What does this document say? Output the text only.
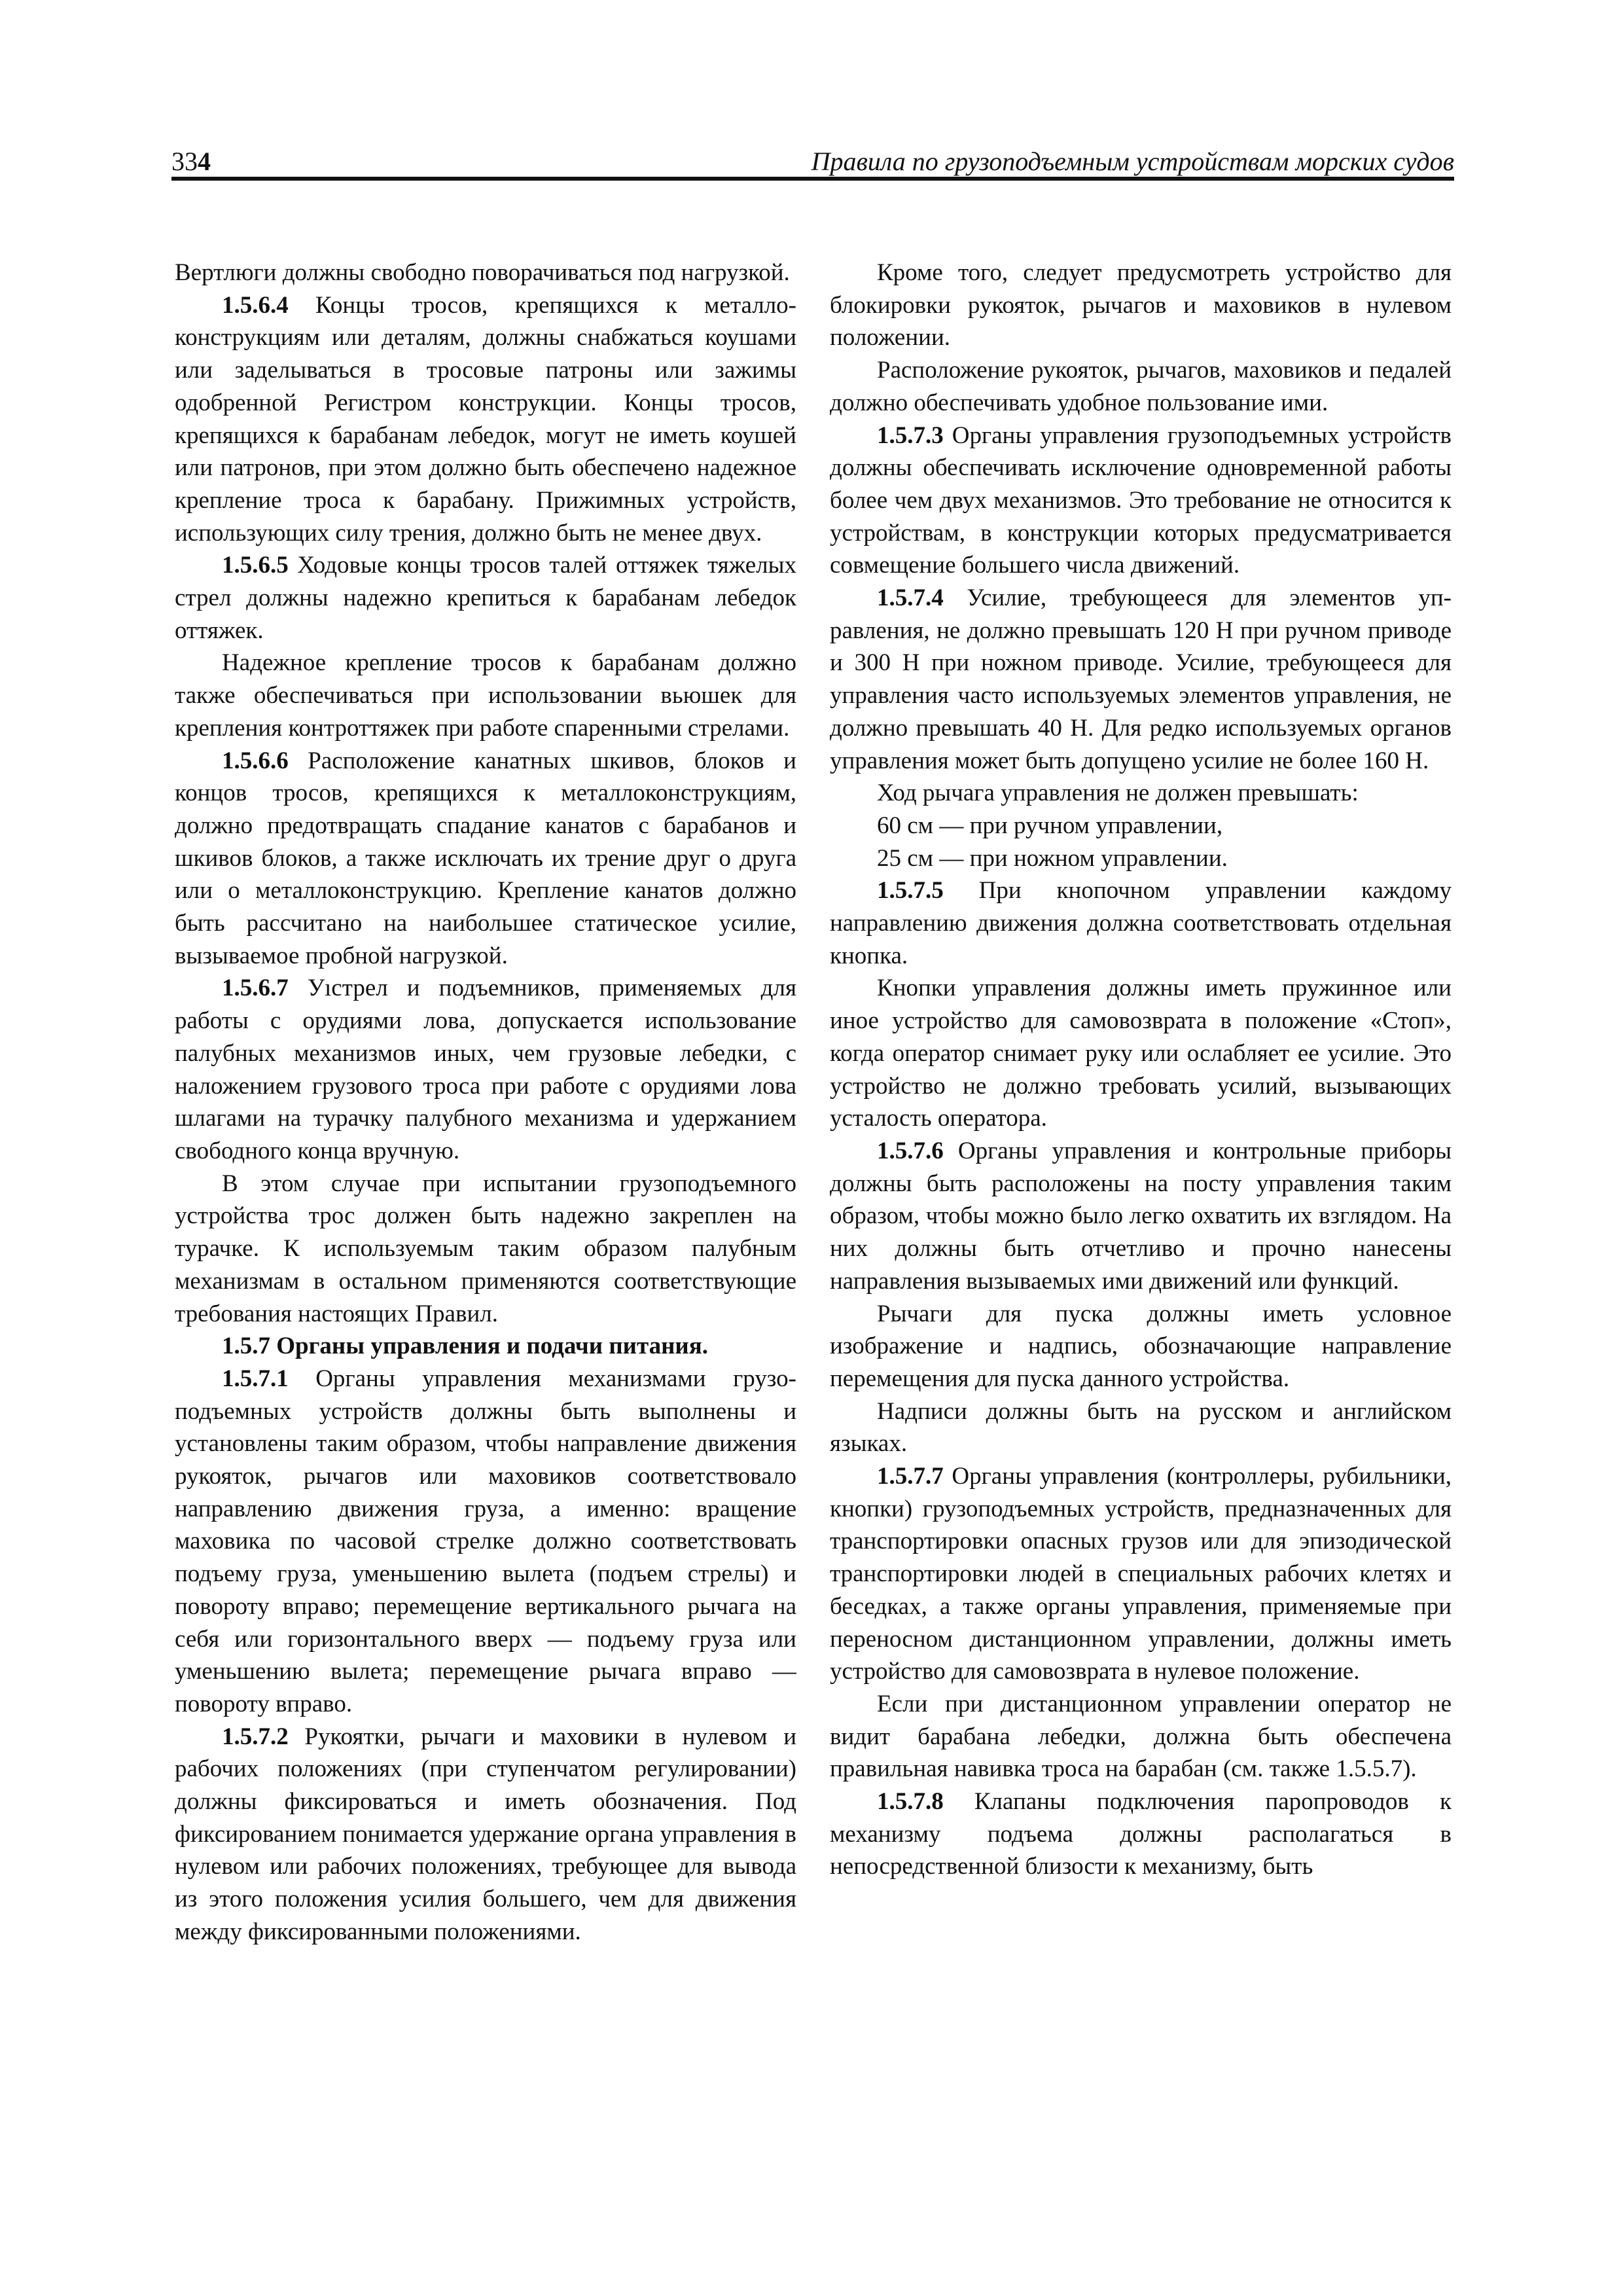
334	Правила по грузоподъемным устройствам морских судов

Вертлюги должны свободно поворачиваться под нагрузкой.

1.5.6.4 Концы тросов, крепящихся к металлоконструкциям или деталям, должны снабжаться коушами или заделываться в тросовые патроны или зажимы одобренной Регистром конструкции. Концы тросов, крепящихся к барабанам лебедок, могут не иметь коушей или патронов, при этом должно быть обеспечено надежное крепление троса к барабану. Прижимных устройств, использующих силу трения, должно быть не менее двух.

1.5.6.5 Ходовые концы тросов талей оттяжек тяжелых стрел должны надежно крепиться к барабанам лебедок оттяжек.

Надежное крепление тросов к барабанам должно также обеспечиваться при использовании вьюшек для крепления контроттяжек при работе спаренными стрелами.

1.5.6.6 Расположение канатных шкивов, блоков и концов тросов, крепящихся к металлоконструкциям, должно предотвращать спадание канатов с барабанов и шкивов блоков, а также исключать их трение друг о друга или о металлоконструкцию. Крепление канатов должно быть рассчитано на наибольшее статическое усилие, вызываемое пробной нагрузкой.

1.5.6.7 Уıстрел и подъемников, применяемых для работы с орудиями лова, допускается использование палубных механизмов иных, чем грузовые лебедки, с наложением грузового троса при работе с орудиями лова шлагами на турачку палубного механизма и удержанием свободного конца вручную.

В этом случае при испытании грузоподъемного устройства трос должен быть надежно закреплен на турачке. К используемым таким образом палубным механизмам в остальном применяются соответствующие требования настоящих Правил.

1.5.7 Органы управления и подачи питания.

1.5.7.1 Органы управления механизмами грузоподъемных устройств должны быть выполнены и установлены таким образом, чтобы направление движения рукояток, рычагов или маховиков соответствовало направлению движения груза, а именно: вращение маховика по часовой стрелке должно соответствовать подъему груза, уменьшению вылета (подъем стрелы) и повороту вправо; перемещение вертикального рычага на себя или горизонтального вверх — подъему груза или уменьшению вылета; перемещение рычага вправо — повороту вправо.

1.5.7.2 Рукоятки, рычаги и маховики в нулевом и рабочих положениях (при ступенчатом регулировании) должны фиксироваться и иметь обозначения. Под фиксированием понимается удержание органа управления в нулевом или рабочих положениях, требующее для вывода из этого положения усилия большего, чем для движения между фиксированными положениями.

Кроме того, следует предусмотреть устройство для блокировки рукояток, рычагов и маховиков в нулевом положении.

Расположение рукояток, рычагов, маховиков и педалей должно обеспечивать удобное пользование ими.

1.5.7.3 Органы управления грузоподъемных устройств должны обеспечивать исключение одновременной работы более чем двух механизмов. Это требование не относится к устройствам, в конструкции которых предусматривается совмещение большего числа движений.

1.5.7.4 Усилие, требующееся для элементов управления, не должно превышать 120 Н при ручном приводе и 300 Н при ножном приводе. Усилие, требующееся для управления часто используемых элементов управления, не должно превышать 40 Н. Для редко используемых органов управления может быть допущено усилие не более 160 Н.

Ход рычага управления не должен превышать:

60 см — при ручном управлении,

25 см — при ножном управлении.

1.5.7.5 При кнопочном управлении каждому направлению движения должна соответствовать отдельная кнопка.

Кнопки управления должны иметь пружинное или иное устройство для самовозврата в положение «Стоп», когда оператор снимает руку или ослабляет ее усилие. Это устройство не должно требовать усилий, вызывающих усталость оператора.

1.5.7.6 Органы управления и контрольные приборы должны быть расположены на посту управления таким образом, чтобы можно было легко охватить их взглядом. На них должны быть отчетливо и прочно нанесены направления вызываемых ими движений или функций.

Рычаги для пуска должны иметь условное изображение и надпись, обозначающие направление перемещения для пуска данного устройства.

Надписи должны быть на русском и английском языках.

1.5.7.7 Органы управления (контроллеры, рубильники, кнопки) грузоподъемных устройств, предназначенных для транспортировки опасных грузов или для эпизодической транспортировки людей в специальных рабочих клетях и беседках, а также органы управления, применяемые при переносном дистанционном управлении, должны иметь устройство для самовозврата в нулевое положение.

Если при дистанционном управлении оператор не видит барабана лебедки, должна быть обеспечена правильная навивка троса на барабан (см. также 1.5.5.7).

1.5.7.8 Клапаны подключения паропроводов к механизму подъема должны располагаться в непосредственной близости к механизму, быть
